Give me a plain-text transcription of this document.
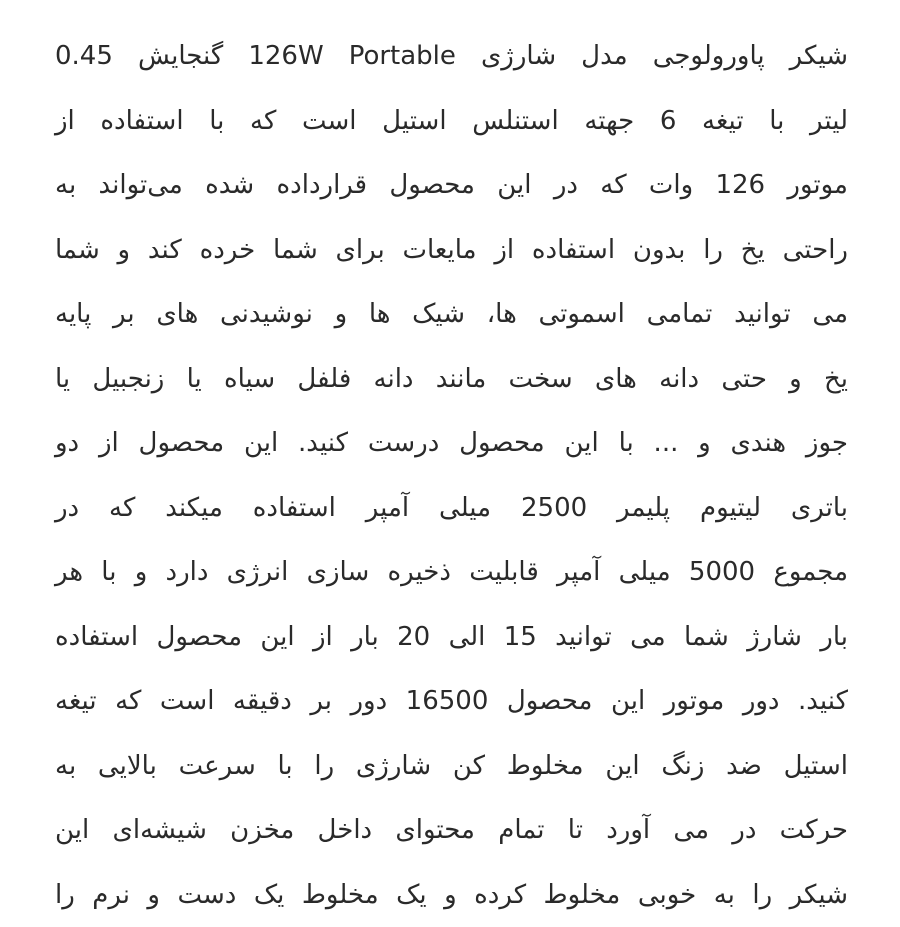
شیکر پاورولوجی مدل شارژی 126W Portable گنجایش 0.45
لیتر با تیغه 6 جهته استنلس استیل است که با استفاده از
موتور 126 وات که در این محصول قرارداده شده می‌تواند به
راحتی یخ را بدون استفاده از مایعات برای شما خرده کند و شما
می توانید تمامی اسموتی ها، شیک ها و نوشیدنی های بر پایه
یخ و حتی دانه های سخت مانند دانه فلفل سیاه یا زنجبیل یا
جوز هندی و ... با این محصول درست کنید. این محصول از دو
باتری لیتیوم پلیمر 2500 میلی آمپر استفاده میکند که در
مجموع 5000 میلی آمپر قابلیت ذخیره سازی انرژی دارد و با هر
بار شارژ شما می توانید 15 الی 20 بار از این محصول استفاده
کنید. دور موتور این محصول 16500 دور بر دقیقه است که تیغه
استیل ضد زنگ این مخلوط کن شارژی را با سرعت بالایی به
حرکت در می آورد تا تمام محتوای داخل مخزن شیشه‌ای این
شیکر را به خوبی مخلوط کرده و یک مخلوط یک دست و نرم را
